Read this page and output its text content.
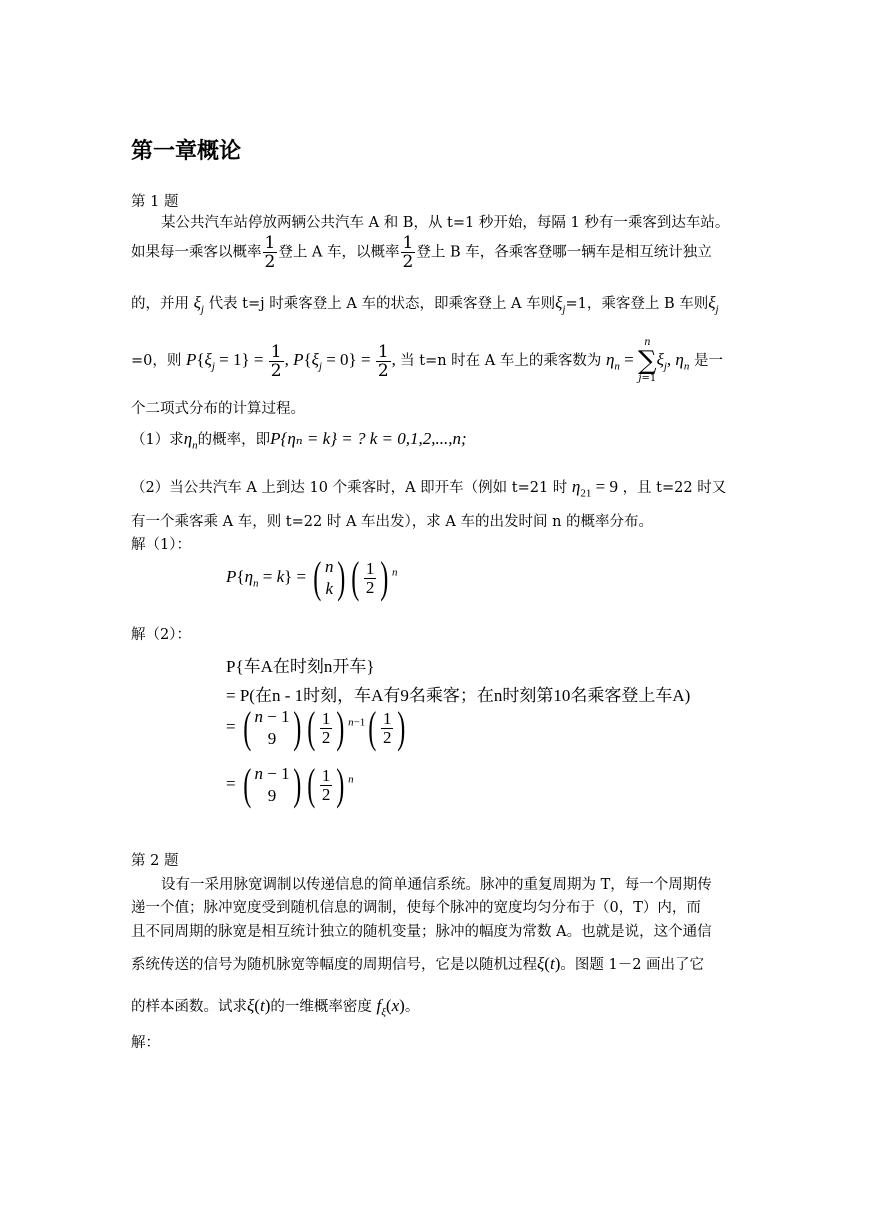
第一章概论
第 1 题
某公共汽车站停放两辆公共汽车 A 和 B，从 t=1 秒开始，每隔 1 秒有一乘客到达车站。
如果每一乘客以概率 $\frac{1}{2}$ 登上 A 车，以概率 $\frac{1}{2}$ 登上 B 车，各乘客登哪一辆车是相互统计独立
的，并用 $\xi_j$ 代表 t=j 时乘客登上 A 车的状态，即乘客登上 A 车则$\xi_j=1$，乘客登上 B 车则$\xi_j$
=0，则 $P\{\xi_j = 1\} = \frac{1}{2}$ , $P\{\xi_j = 0\} = \frac{1}{2}$ , 当 t=n 时在 A 车上的乘客数为 $\eta_n$ =
n
∑
j=1
$\xi_j$, $\eta_n$ 是一
个二项式分布的计算过程。
（1）求$\eta_n$的概率，即P{ηₙ = k} = ? k = 0,1,2,...,n;
（2）当公共汽车 A 上到达 10 个乘客时，A 即开车（例如 t=21 时 $\eta_{21} = 9$ ，且 t=22 时又
有一个乘客乘 A 车，则 t=22 时 A 车出发），求 A 车的出发时间 n 的概率分布。
解（1）：
$P\{\eta_n = k\}$ = ( n
k ) ( $\frac{1}{2}$ ) $^n$
解（2）：
P{车A在时刻n开车}
= P(在n - 1时刻，车A有9名乘客；在n时刻第10名乘客登上车A)
= ( n − 1
9 ) ( $\frac{1}{2}$ ) $^{n-1}( \frac{1}{2}$ )
= ( n − 1
9 ) ( $\frac{1}{2}$ ) $^n$
第 2 题
设有一采用脉宽调制以传递信息的简单通信系统。脉冲的重复周期为 T，每一个周期传
递一个值；脉冲宽度受到随机信息的调制，使每个脉冲的宽度均匀分布于（0，T）内，而
且不同周期的脉宽是相互统计独立的随机变量；脉冲的幅度为常数 A。也就是说，这个通信
系统传送的信号为随机脉宽等幅度的周期信号，它是以随机过程ξ(t)。图题 1－2 画出了它
的样本函数。试求ξ(t)的一维概率密度 $f_\xi(x)$。
解：
